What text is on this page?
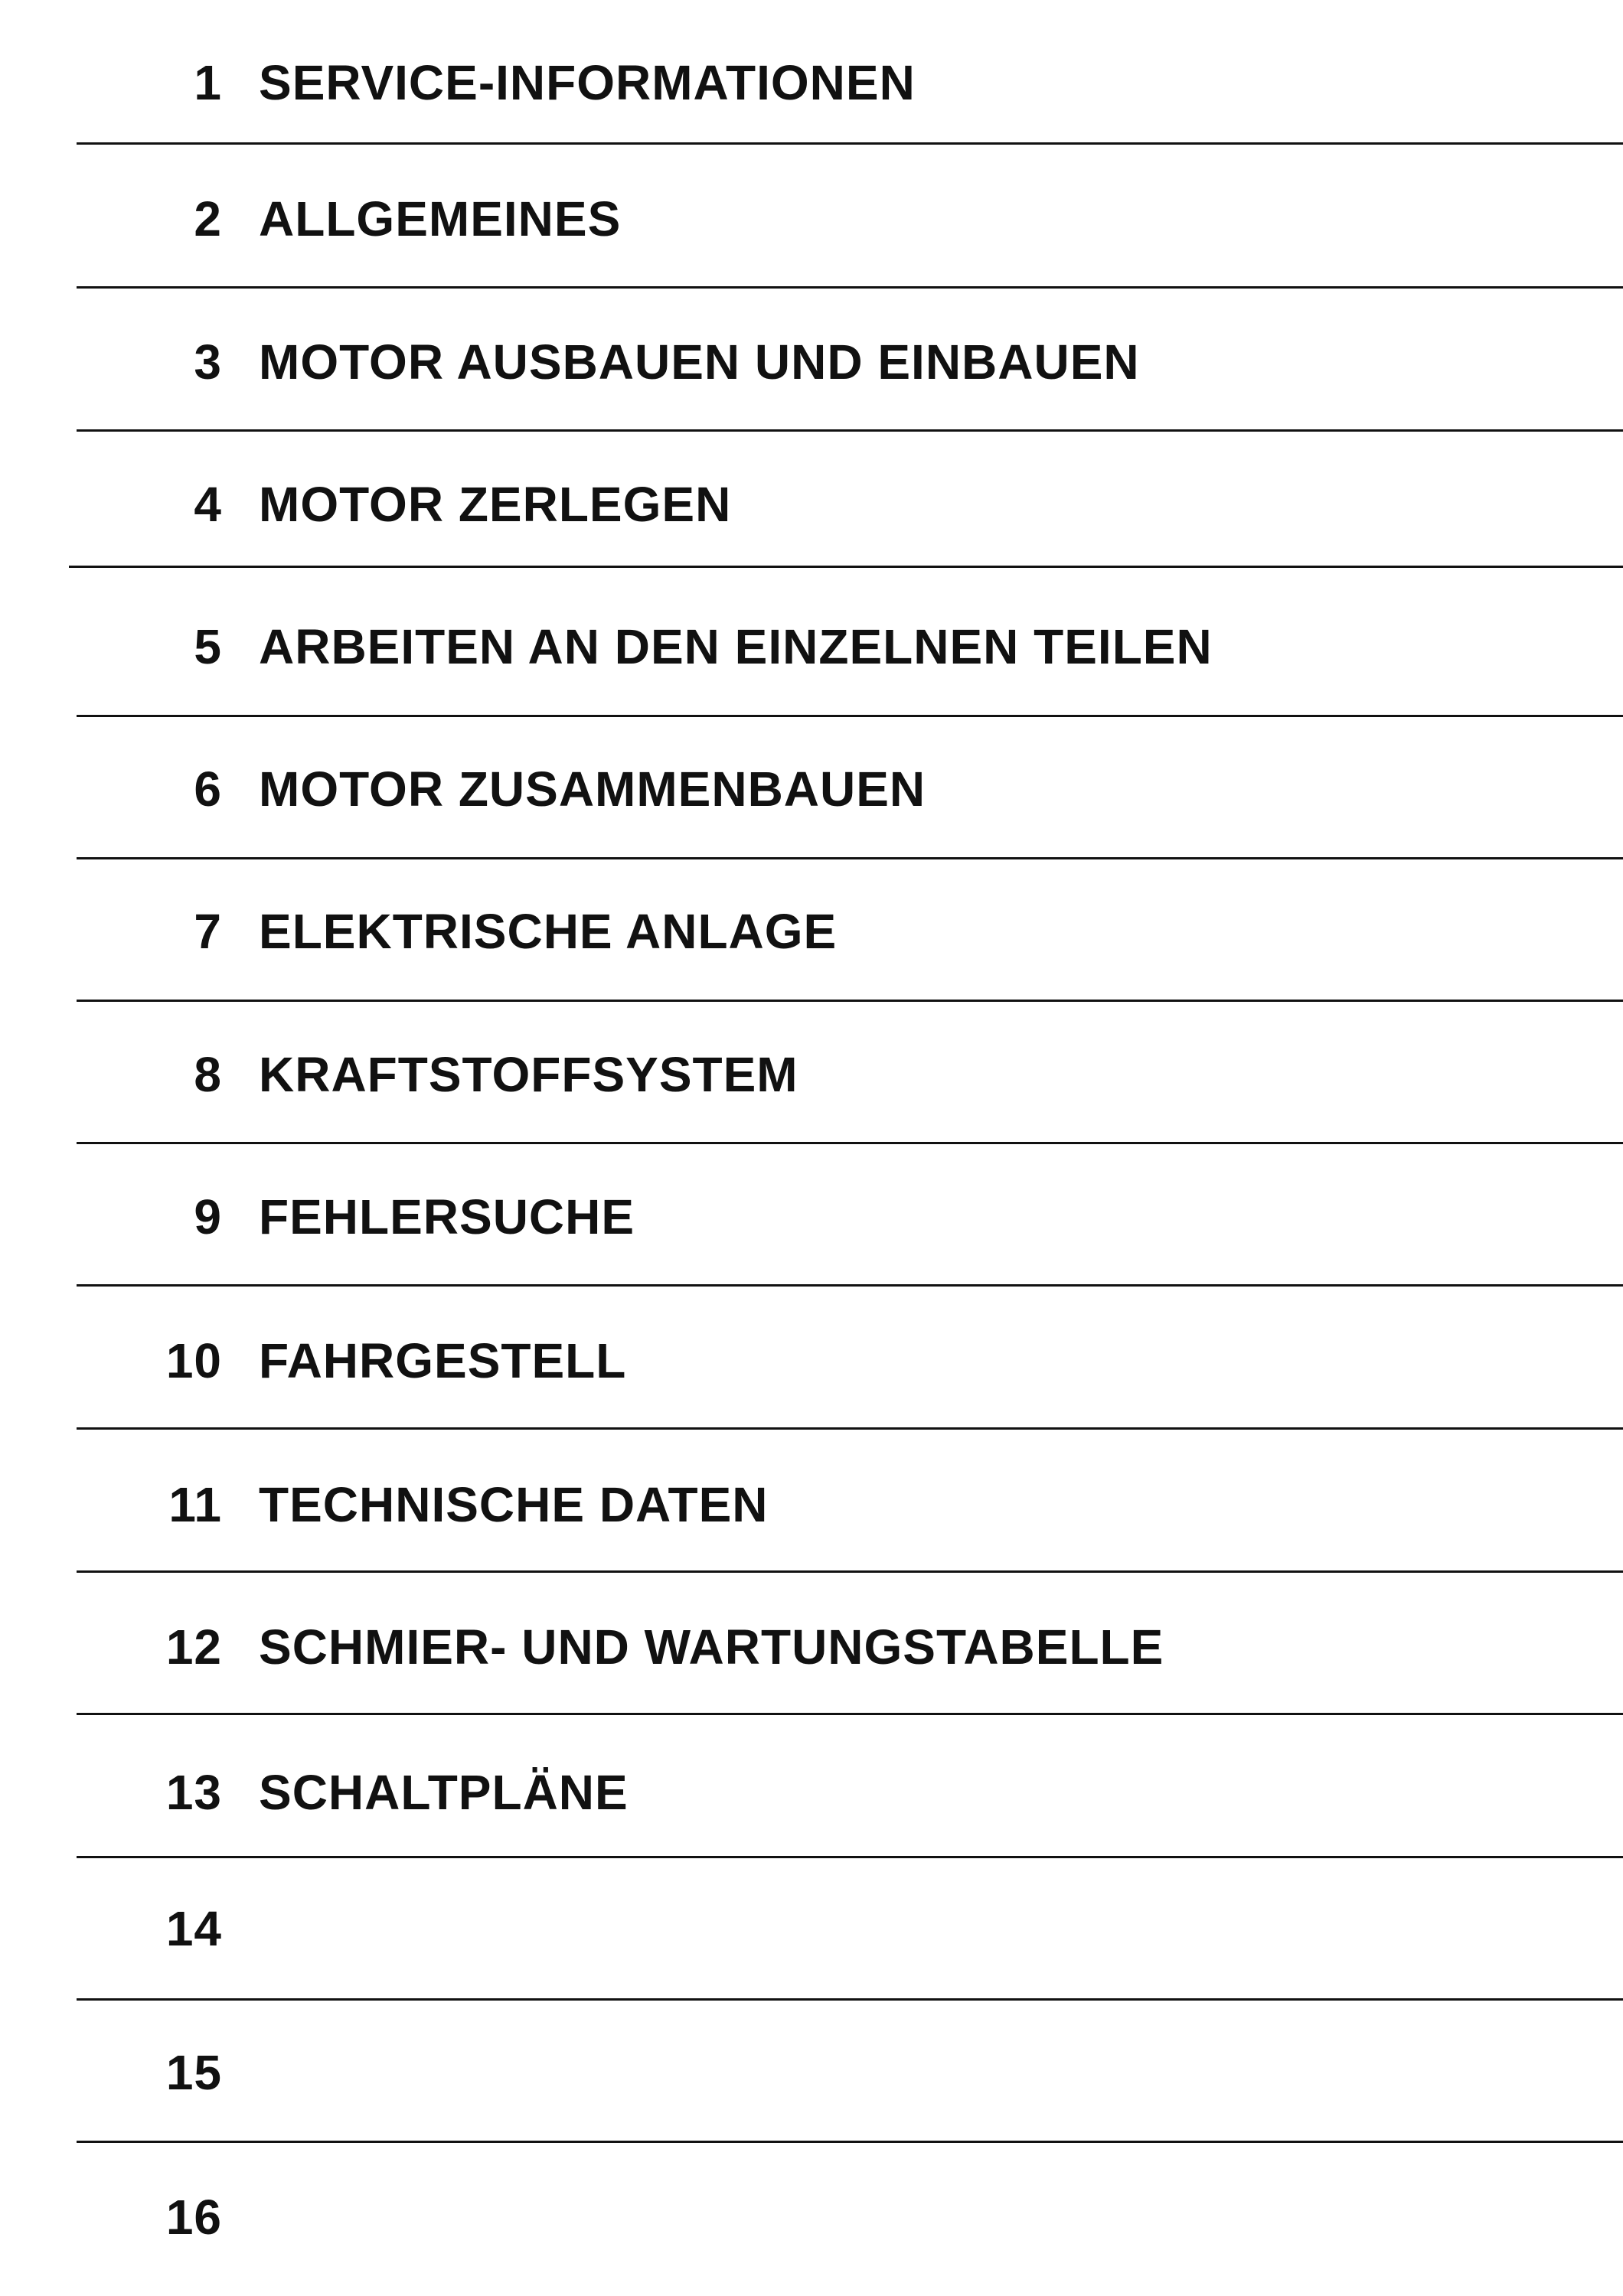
1 SERVICE-INFORMATIONEN
2 ALLGEMEINES
3 MOTOR AUSBAUEN UND EINBAUEN
4 MOTOR ZERLEGEN
5 ARBEITEN AN DEN EINZELNEN TEILEN
6 MOTOR ZUSAMMENBAUEN
7 ELEKTRISCHE ANLAGE
8 KRAFTSTOFFSYSTEM
9 FEHLERSUCHE
10 FAHRGESTELL
11 TECHNISCHE DATEN
12 SCHMIER- UND WARTUNGSTABELLE
13 SCHALTPLÄNE
14
15
16
